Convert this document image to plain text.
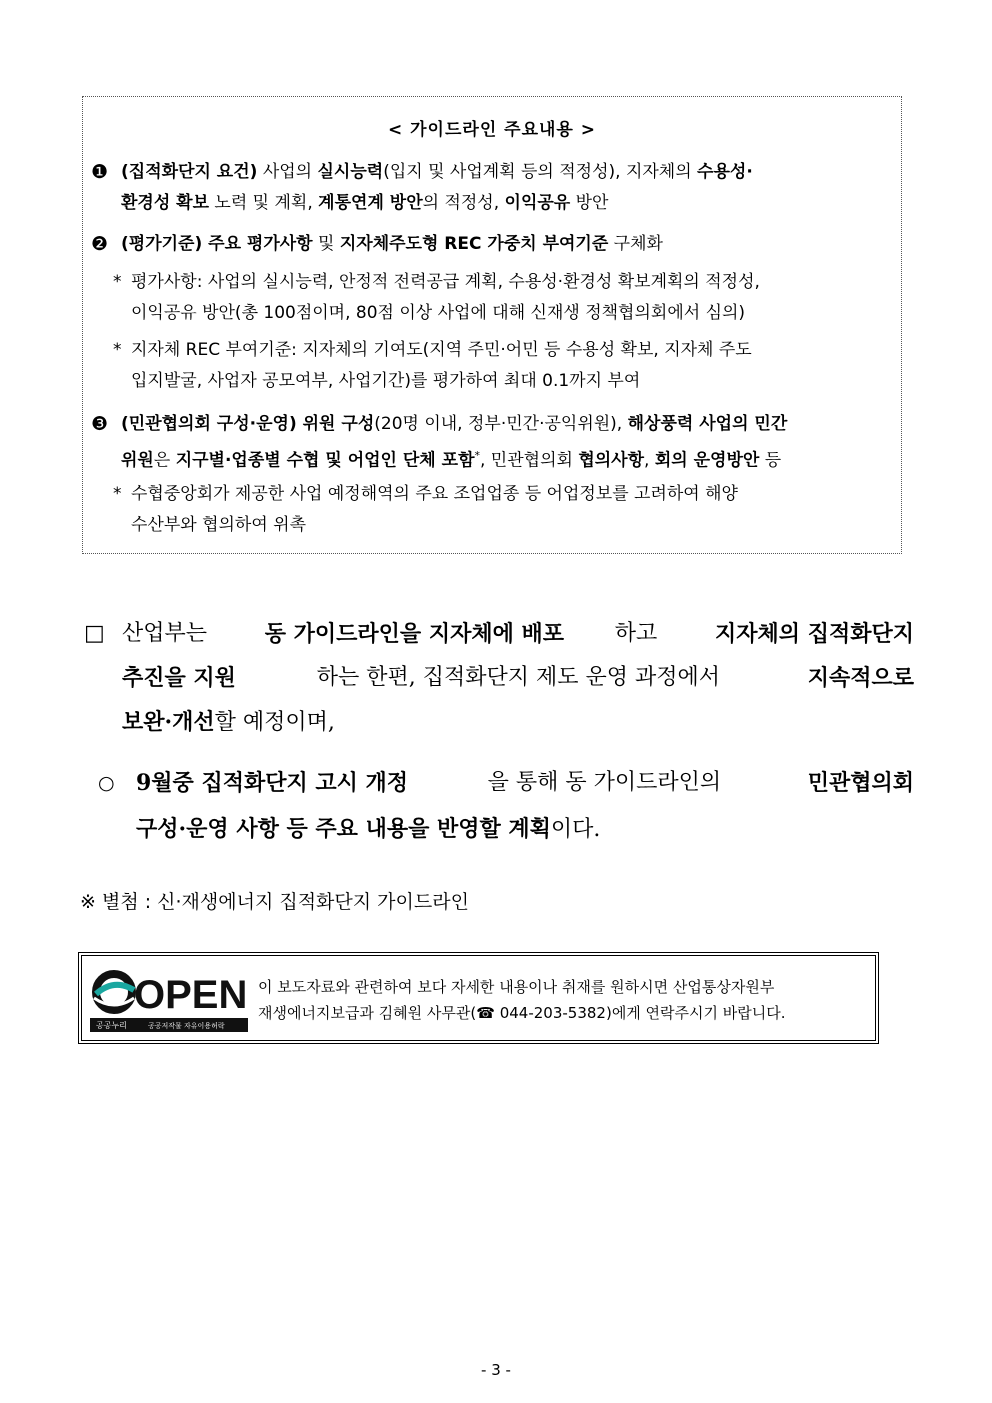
< 가이드라인 주요내용 >
❶ (집적화단지 요건) 사업의 실시능력(입지 및 사업계획 등의 적정성), 지자체의 수용성·
환경성 확보 노력 및 계획, 계통연계 방안의 적정성, 이익공유 방안
❷ (평가기준) 주요 평가사항 및 지자체주도형 REC 가중치 부여기준 구체화
* 평가사항: 사업의 실시능력, 안정적 전력공급 계획, 수용성·환경성 확보계획의 적정성,
이익공유 방안(총 100점이며, 80점 이상 사업에 대해 신재생 정책협의회에서 심의)
* 지자체 REC 부여기준: 지자체의 기여도(지역 주민·어민 등 수용성 확보, 지자체 주도
입지발굴, 사업자 공모여부, 사업기간)를 평가하여 최대 0.1까지 부여
❸ (민관협의회 구성·운영) 위원 구성(20명 이내, 정부·민간·공익위원), 해상풍력 사업의 민간
위원은 지구별·업종별 수협 및 어업인 단체 포함*, 민관협의회 협의사항, 회의 운영방안 등
* 수협중앙회가 제공한 사업 예정해역의 주요 조업업종 등 어업정보를 고려하여 해양
수산부와 협의하여 위촉
□ 산업부는 동 가이드라인을 지자체에 배포 하고 지자체의 집적화단지
추진을 지원	하는 한편, 집적화단지 제도 운영 과정에서	지속적으로
보완·개선할 예정이며,
○ 9월중 집적화단지 고시 개정	을 통해 동 가이드라인의	민관협의회
구성·운영 사항 등 주요 내용을 반영할 계획이다.
※ 별첨 : 신·재생에너지 집적화단지 가이드라인
OPEN
공공누리	공공저작물 자유이용허락
이 보도자료와 관련하여 보다 자세한 내용이나 취재를 원하시면 산업통상자원부
재생에너지보급과 김혜원 사무관(☎ 044-203-5382)에게 연락주시기 바랍니다.
- 3 -
